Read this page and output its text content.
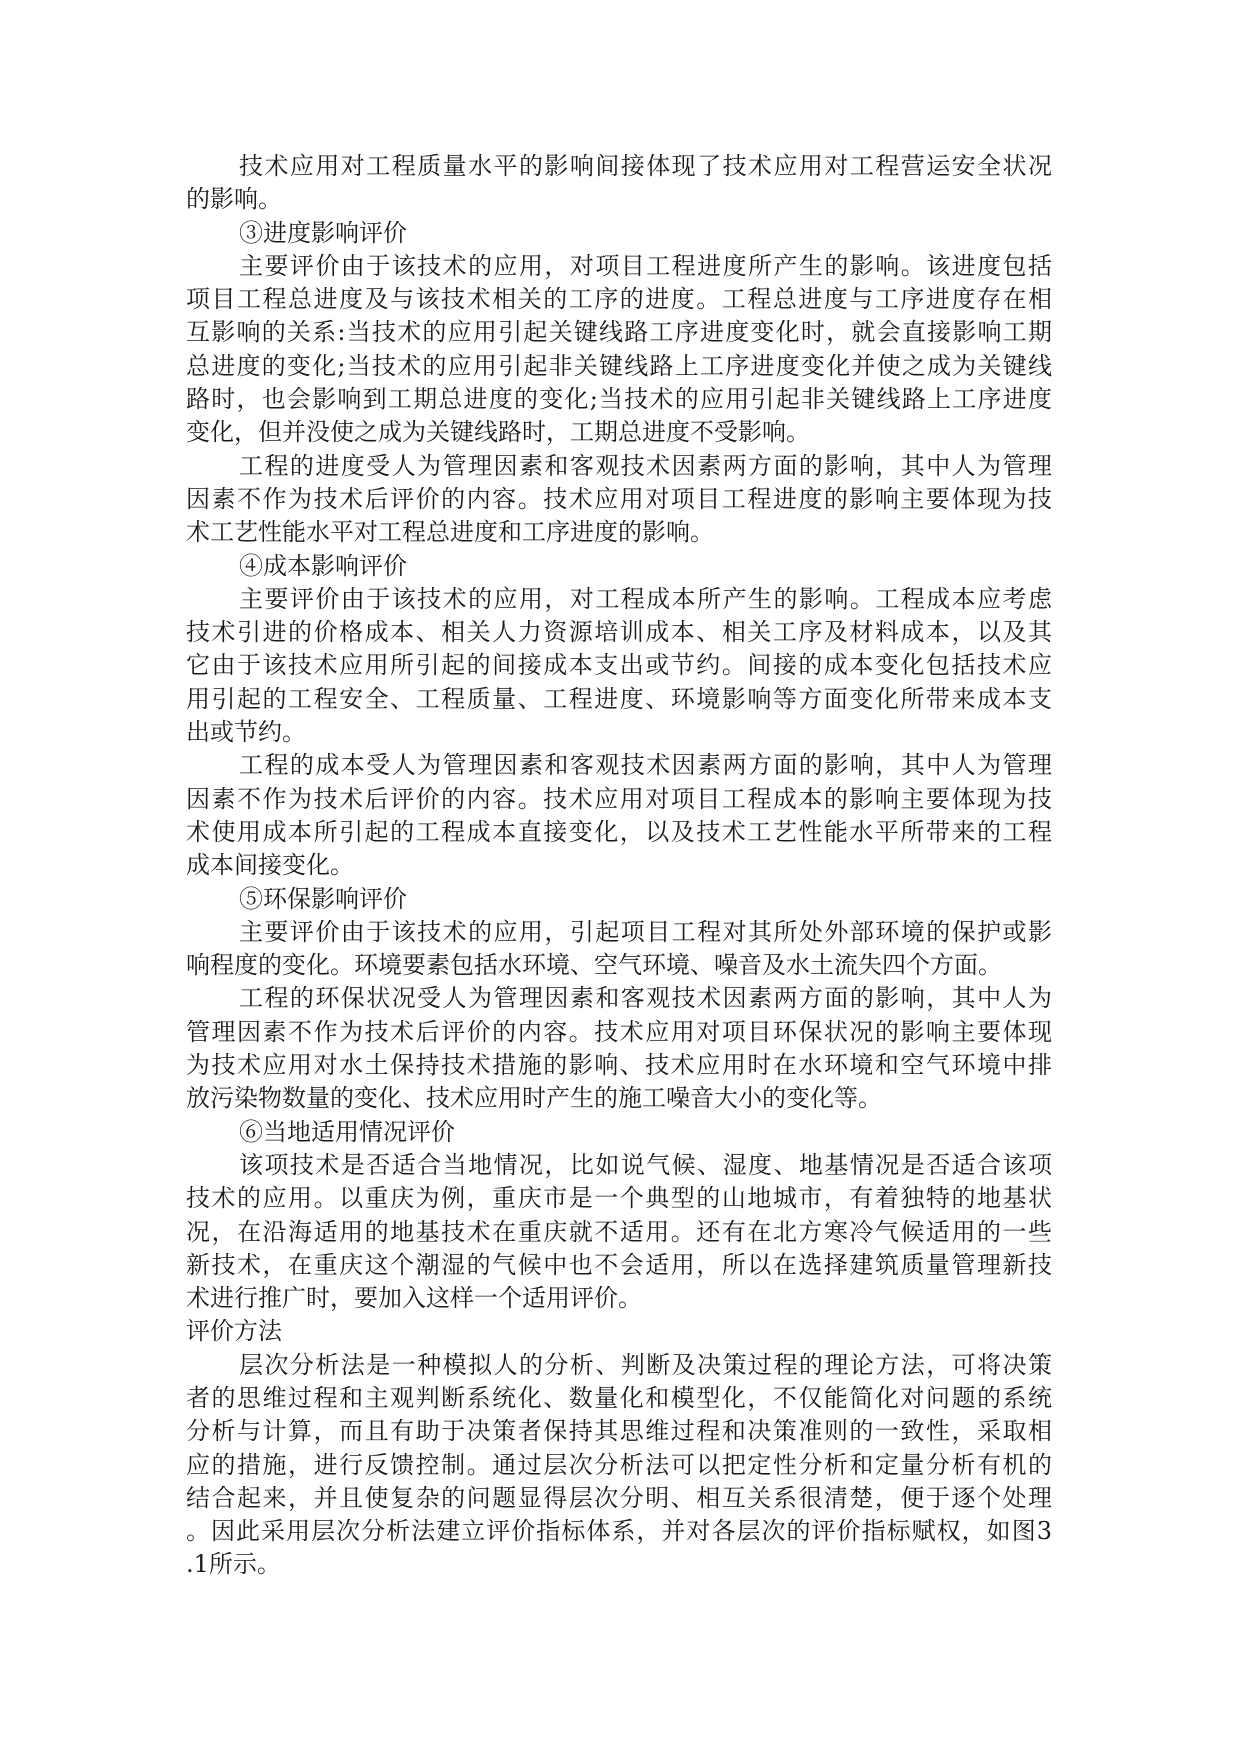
技术应用对工程质量水平的影响间接体现了技术应用对工程营运安全状况
的影响。
③进度影响评价
主要评价由于该技术的应用，对项目工程进度所产生的影响。该进度包括
项目工程总进度及与该技术相关的工序的进度。工程总进度与工序进度存在相
互影响的关系:当技术的应用引起关键线路工序进度变化时，就会直接影响工期
总进度的变化;当技术的应用引起非关键线路上工序进度变化并使之成为关键线
路时，也会影响到工期总进度的变化;当技术的应用引起非关键线路上工序进度
变化，但并没使之成为关键线路时，工期总进度不受影响。
工程的进度受人为管理因素和客观技术因素两方面的影响，其中人为管理
因素不作为技术后评价的内容。技术应用对项目工程进度的影响主要体现为技
术工艺性能水平对工程总进度和工序进度的影响。
④成本影响评价
主要评价由于该技术的应用，对工程成本所产生的影响。工程成本应考虑
技术引进的价格成本、相关人力资源培训成本、相关工序及材料成本，以及其
它由于该技术应用所引起的间接成本支出或节约。间接的成本变化包括技术应
用引起的工程安全、工程质量、工程进度、环境影响等方面变化所带来成本支
出或节约。
工程的成本受人为管理因素和客观技术因素两方面的影响，其中人为管理
因素不作为技术后评价的内容。技术应用对项目工程成本的影响主要体现为技
术使用成本所引起的工程成本直接变化，以及技术工艺性能水平所带来的工程
成本间接变化。
⑤环保影响评价
主要评价由于该技术的应用，引起项目工程对其所处外部环境的保护或影
响程度的变化。环境要素包括水环境、空气环境、噪音及水土流失四个方面。
工程的环保状况受人为管理因素和客观技术因素两方面的影响，其中人为
管理因素不作为技术后评价的内容。技术应用对项目环保状况的影响主要体现
为技术应用对水土保持技术措施的影响、技术应用时在水环境和空气环境中排
放污染物数量的变化、技术应用时产生的施工噪音大小的变化等。
⑥当地适用情况评价
该项技术是否适合当地情况，比如说气候、湿度、地基情况是否适合该项
技术的应用。以重庆为例，重庆市是一个典型的山地城市，有着独特的地基状
况，在沿海适用的地基技术在重庆就不适用。还有在北方寒冷气候适用的一些
新技术，在重庆这个潮湿的气候中也不会适用，所以在选择建筑质量管理新技
术进行推广时，要加入这样一个适用评价。
评价方法
层次分析法是一种模拟人的分析、判断及决策过程的理论方法，可将决策
者的思维过程和主观判断系统化、数量化和模型化，不仅能简化对问题的系统
分析与计算，而且有助于决策者保持其思维过程和决策准则的一致性，采取相
应的措施，进行反馈控制。通过层次分析法可以把定性分析和定量分析有机的
结合起来，并且使复杂的问题显得层次分明、相互关系很清楚，便于逐个处理
。因此采用层次分析法建立评价指标体系，并对各层次的评价指标赋权，如图3
.1所示。
